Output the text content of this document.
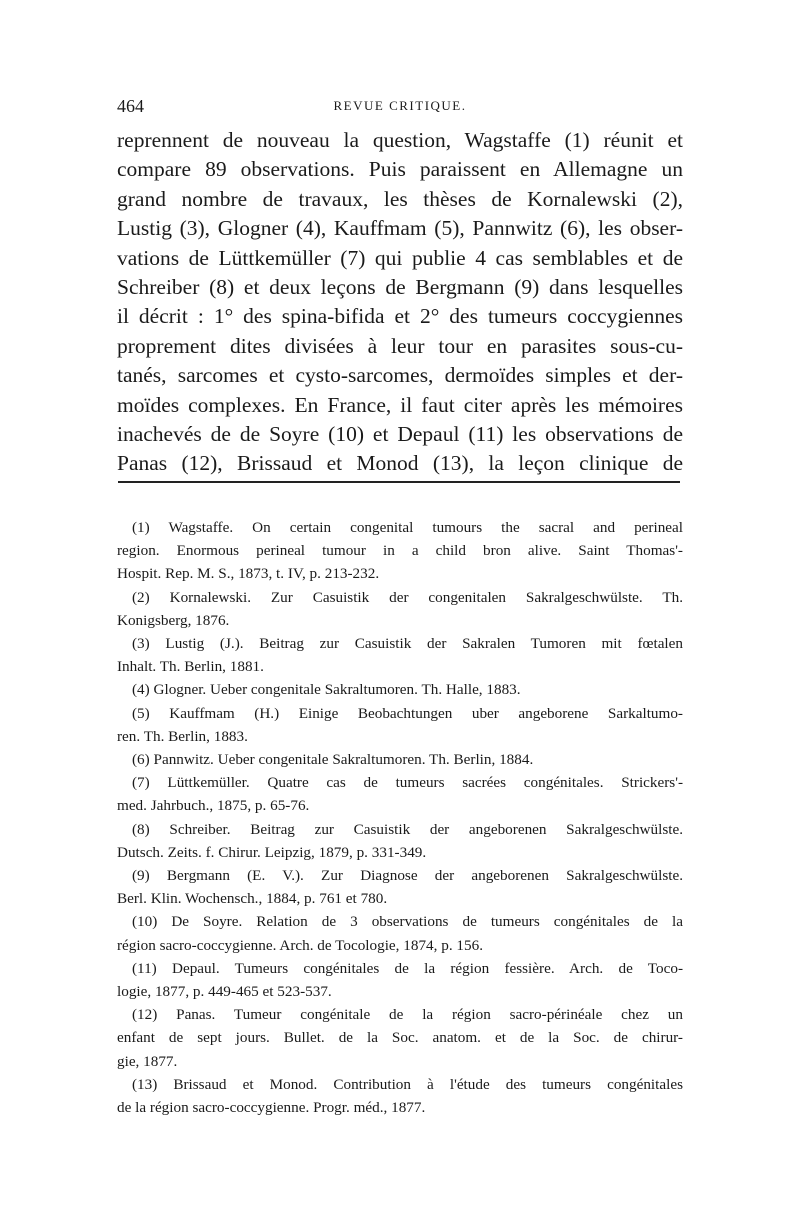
464	REVUE CRITIQUE.
reprennent de nouveau la question, Wagstaffe (1) réunit et
compare 89 observations. Puis paraissent en Allemagne un
grand nombre de travaux, les thèses de Kornalewski (2),
Lustig (3), Glogner (4), Kauffmam (5), Pannwitz (6), les obser-
vations de Lüttkemüller (7) qui publie 4 cas semblables et de
Schreiber (8) et deux leçons de Bergmann (9) dans lesquelles
il décrit : 1° des spina-bifida et 2° des tumeurs coccygiennes
proprement dites divisées à leur tour en parasites sous-cu-
tanés, sarcomes et cysto-sarcomes, dermoïdes simples et der-
moïdes complexes. En France, il faut citer après les mémoires
inachevés de de Soyre (10) et Depaul (11) les observations de
Panas (12), Brissaud et Monod (13), la leçon clinique de
(1) Wagstaffe. On certain congenital tumours the sacral and perineal
region. Enormous perineal tumour in a child bron alive. Saint Thomas'-
Hospit. Rep. M. S., 1873, t. IV, p. 213-232.
(2) Kornalewski. Zur Casuistik der congenitalen Sakralgeschwülste. Th.
Konigsberg, 1876.
(3) Lustig (J.). Beitrag zur Casuistik der Sakralen Tumoren mit fœtalen
Inhalt. Th. Berlin, 1881.
(4) Glogner. Ueber congenitale Sakraltumoren. Th. Halle, 1883.
(5) Kauffmam (H.) Einige Beobachtungen uber angeborene Sarkaltumo-
ren. Th. Berlin, 1883.
(6) Pannwitz. Ueber congenitale Sakraltumoren. Th. Berlin, 1884.
(7) Lüttkemüller. Quatre cas de tumeurs sacrées congénitales. Strickers'-
med. Jahrbuch., 1875, p. 65-76.
(8) Schreiber. Beitrag zur Casuistik der angeborenen Sakralgeschwülste.
Dutsch. Zeits. f. Chirur. Leipzig, 1879, p. 331-349.
(9) Bergmann (E. V.). Zur Diagnose der angeborenen Sakralgeschwülste.
Berl. Klin. Wochensch., 1884, p. 761 et 780.
(10) De Soyre. Relation de 3 observations de tumeurs congénitales de la
région sacro-coccygienne. Arch. de Tocologie, 1874, p. 156.
(11) Depaul. Tumeurs congénitales de la région fessière. Arch. de Toco-
logie, 1877, p. 449-465 et 523-537.
(12) Panas. Tumeur congénitale de la région sacro-périnéale chez un
enfant de sept jours. Bullet. de la Soc. anatom. et de la Soc. de chirur-
gie, 1877.
(13) Brissaud et Monod. Contribution à l'étude des tumeurs congénitales
de la région sacro-coccygienne. Progr. méd., 1877.
